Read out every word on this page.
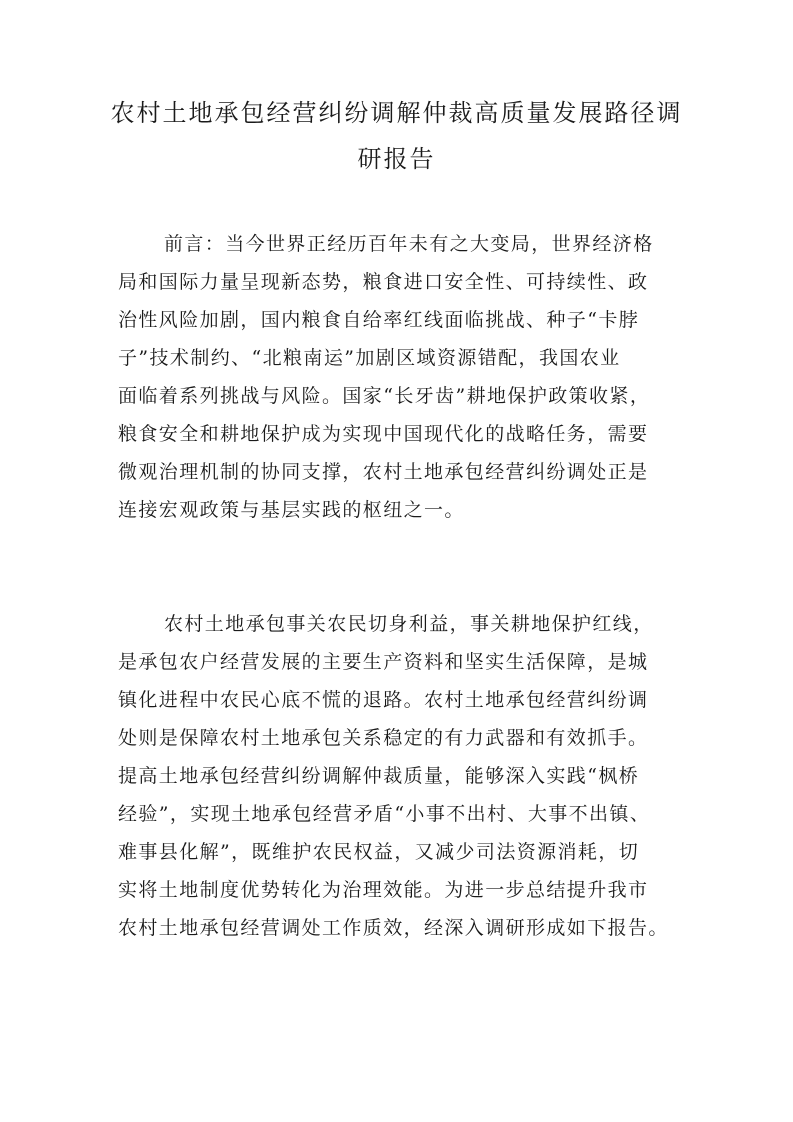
农村土地承包经营纠纷调解仲裁高质量发展路径调
研报告
前言：当今世界正经历百年未有之大变局，世界经济格
局和国际力量呈现新态势，粮食进口安全性、可持续性、政
治性风险加剧，国内粮食自给率红线面临挑战、种子“卡脖
子”技术制约、“北粮南运”加剧区域资源错配，我国农业
面临着系列挑战与风险。国家“长牙齿”耕地保护政策收紧，
粮食安全和耕地保护成为实现中国现代化的战略任务，需要
微观治理机制的协同支撑，农村土地承包经营纠纷调处正是
连接宏观政策与基层实践的枢纽之一。
农村土地承包事关农民切身利益，事关耕地保护红线，
是承包农户经营发展的主要生产资料和坚实生活保障，是城
镇化进程中农民心底不慌的退路。农村土地承包经营纠纷调
处则是保障农村土地承包关系稳定的有力武器和有效抓手。
提高土地承包经营纠纷调解仲裁质量，能够深入实践“枫桥
经验”，实现土地承包经营矛盾“小事不出村、大事不出镇、
难事县化解”，既维护农民权益，又减少司法资源消耗，切
实将土地制度优势转化为治理效能。为进一步总结提升我市
农村土地承包经营调处工作质效，经深入调研形成如下报告。
